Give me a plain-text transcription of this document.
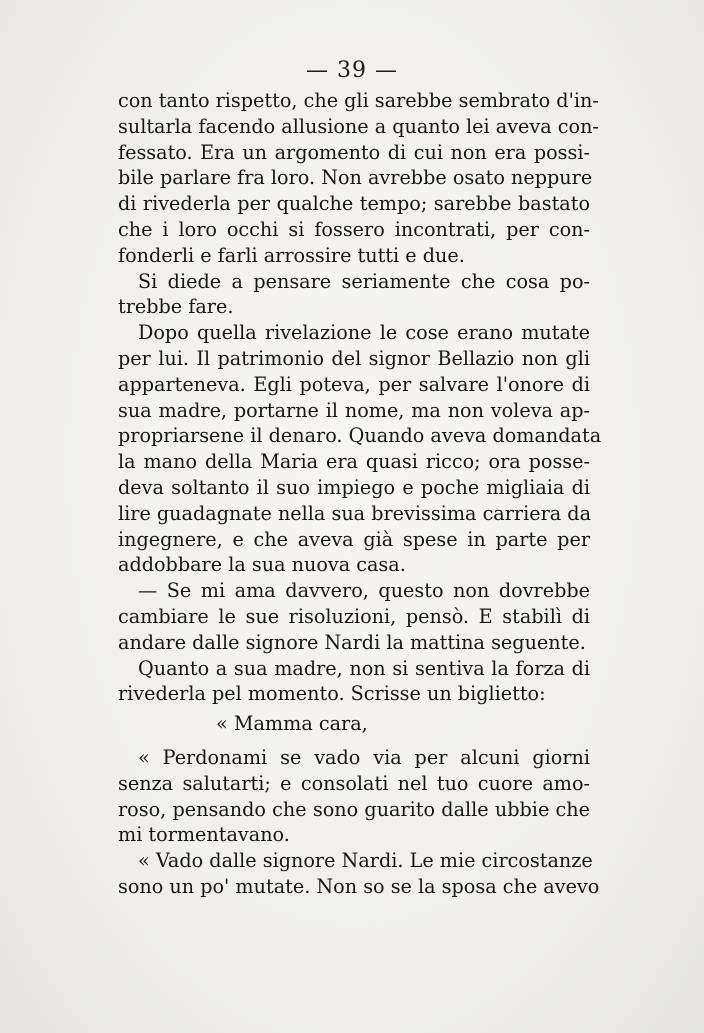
— 39 —
con tanto rispetto, che gli sarebbe sembrato d'in-
sultarla facendo allusione a quanto lei aveva con-
fessato. Era un argomento di cui non era possi-
bile parlare fra loro. Non avrebbe osato neppure
di rivederla per qualche tempo; sarebbe bastato
che i loro occhi si fossero incontrati, per con-
fonderli e farli arrossire tutti e due.
Si diede a pensare seriamente che cosa po-
trebbe fare.
Dopo quella rivelazione le cose erano mutate
per lui. Il patrimonio del signor Bellazio non gli
apparteneva. Egli poteva, per salvare l'onore di
sua madre, portarne il nome, ma non voleva ap-
propriarsene il denaro. Quando aveva domandata
la mano della Maria era quasi ricco; ora posse-
deva soltanto il suo impiego e poche migliaia di
lire guadagnate nella sua brevissima carriera da
ingegnere, e che aveva già spese in parte per
addobbare la sua nuova casa.
— Se mi ama davvero, questo non dovrebbe
cambiare le sue risoluzioni, pensò. E stabilì di
andare dalle signore Nardi la mattina seguente.
Quanto a sua madre, non si sentiva la forza di
rivederla pel momento. Scrisse un biglietto:
« Mamma cara,
« Perdonami se vado via per alcuni giorni
senza salutarti; e consolati nel tuo cuore amo-
roso, pensando che sono guarito dalle ubbie che
mi tormentavano.
« Vado dalle signore Nardi. Le mie circostanze
sono un po' mutate. Non so se la sposa che avevo
